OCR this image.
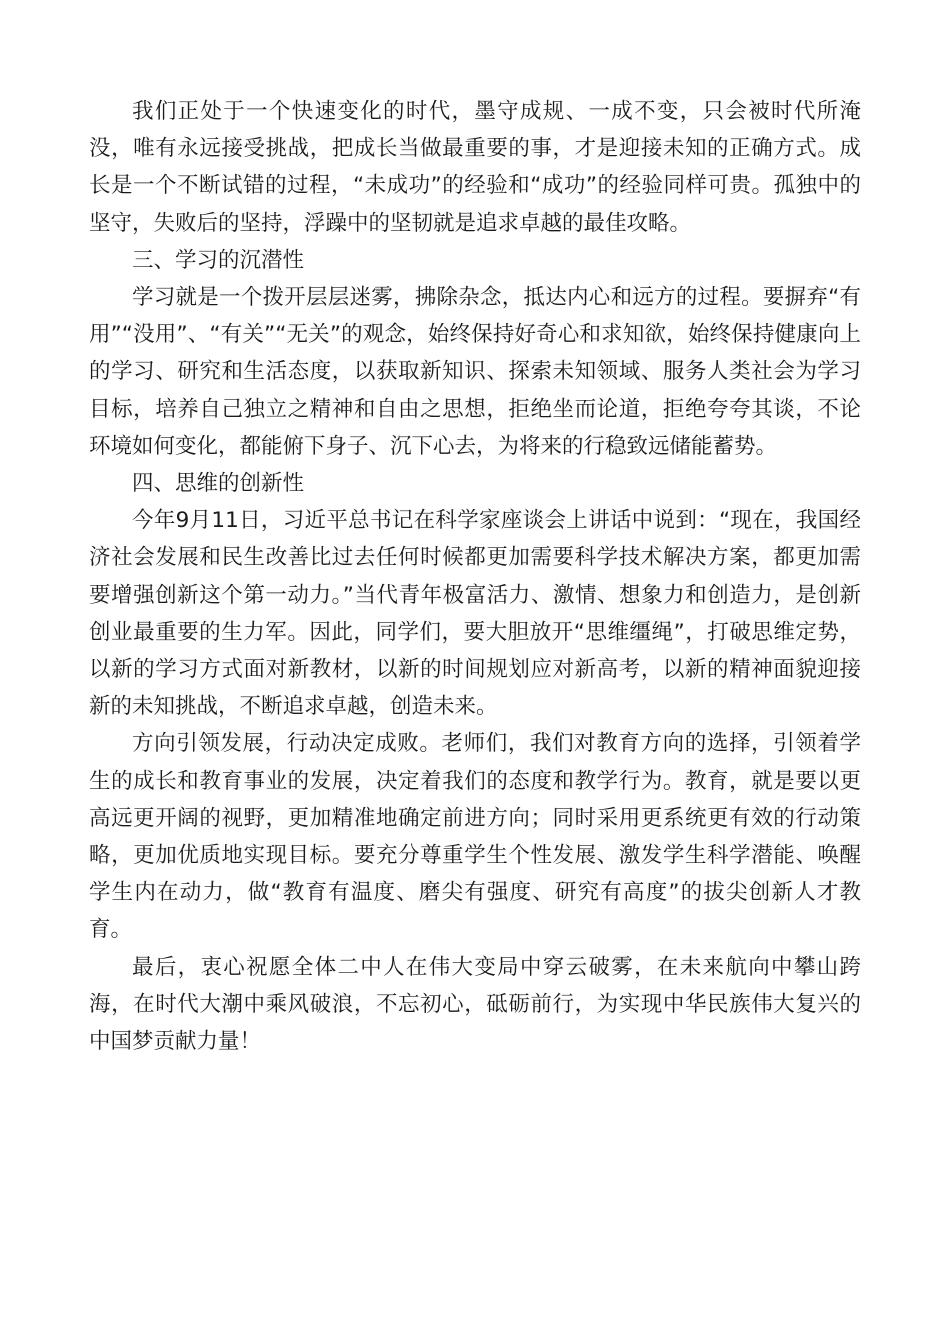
我们正处于一个快速变化的时代，墨守成规、一成不变，只会被时代所淹没，唯有永远接受挑战，把成长当做最重要的事，才是迎接未知的正确方式。成长是一个不断试错的过程，“未成功”的经验和“成功”的经验同样可贵。孤独中的坚守，失败后的坚持，浮躁中的坚韧就是追求卓越的最佳攻略。

三、学习的沉潜性

学习就是一个拨开层层迷雾，拂除杂念，抵达内心和远方的过程。要摒弃“有用”“没用”、“有关”“无关”的观念，始终保持好奇心和求知欲，始终保持健康向上的学习、研究和生活态度，以获取新知识、探索未知领域、服务人类社会为学习目标，培养自己独立之精神和自由之思想，拒绝坐而论道，拒绝夸夸其谈，不论环境如何变化，都能俯下身子、沉下心去，为将来的行稳致远储能蓄势。

四、思维的创新性

今年9月11日，习近平总书记在科学家座谈会上讲话中说到：“现在，我国经济社会发展和民生改善比过去任何时候都更加需要科学技术解决方案，都更加需要增强创新这个第一动力。”当代青年极富活力、激情、想象力和创造力，是创新创业最重要的生力军。因此，同学们，要大胆放开“思维缰绳”，打破思维定势，以新的学习方式面对新教材，以新的时间规划应对新高考，以新的精神面貌迎接新的未知挑战，不断追求卓越，创造未来。

方向引领发展，行动决定成败。老师们，我们对教育方向的选择，引领着学生的成长和教育事业的发展，决定着我们的态度和教学行为。教育，就是要以更高远更开阔的视野，更加精准地确定前进方向；同时采用更系统更有效的行动策略，更加优质地实现目标。要充分尊重学生个性发展、激发学生科学潜能、唤醒学生内在动力，做“教育有温度、磨尖有强度、研究有高度”的拔尖创新人才教育。

最后，衷心祝愿全体二中人在伟大变局中穿云破雾，在未来航向中攀山跨海，在时代大潮中乘风破浪，不忘初心，砥砺前行，为实现中华民族伟大复兴的中国梦贡献力量！
